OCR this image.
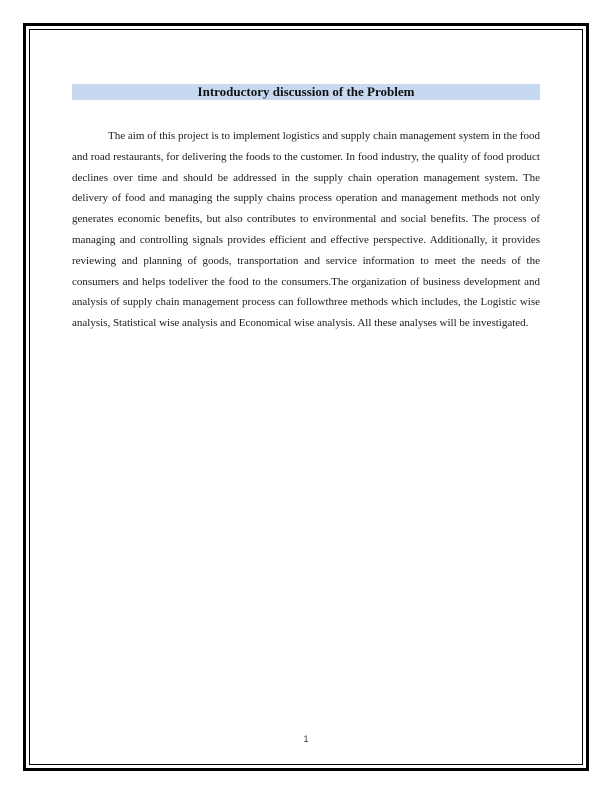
Introductory discussion of the Problem

The aim of this project is to implement logistics and supply chain management system in the food and road restaurants, for delivering the foods to the customer. In food industry, the quality of food product declines over time and should be addressed in the supply chain operation management system. The delivery of food and managing the supply chains process operation and management methods not only generates economic benefits, but also contributes to environmental and social benefits. The process of managing and controlling signals provides efficient and effective perspective. Additionally, it provides reviewing and planning of goods, transportation and service information to meet the needs of the consumers and helps todeliver the food to the consumers.The organization of business development and analysis of supply chain management process can followthree methods which includes, the Logistic wise analysis, Statistical wise analysis and Economical wise analysis. All these analyses will be investigated.

1
